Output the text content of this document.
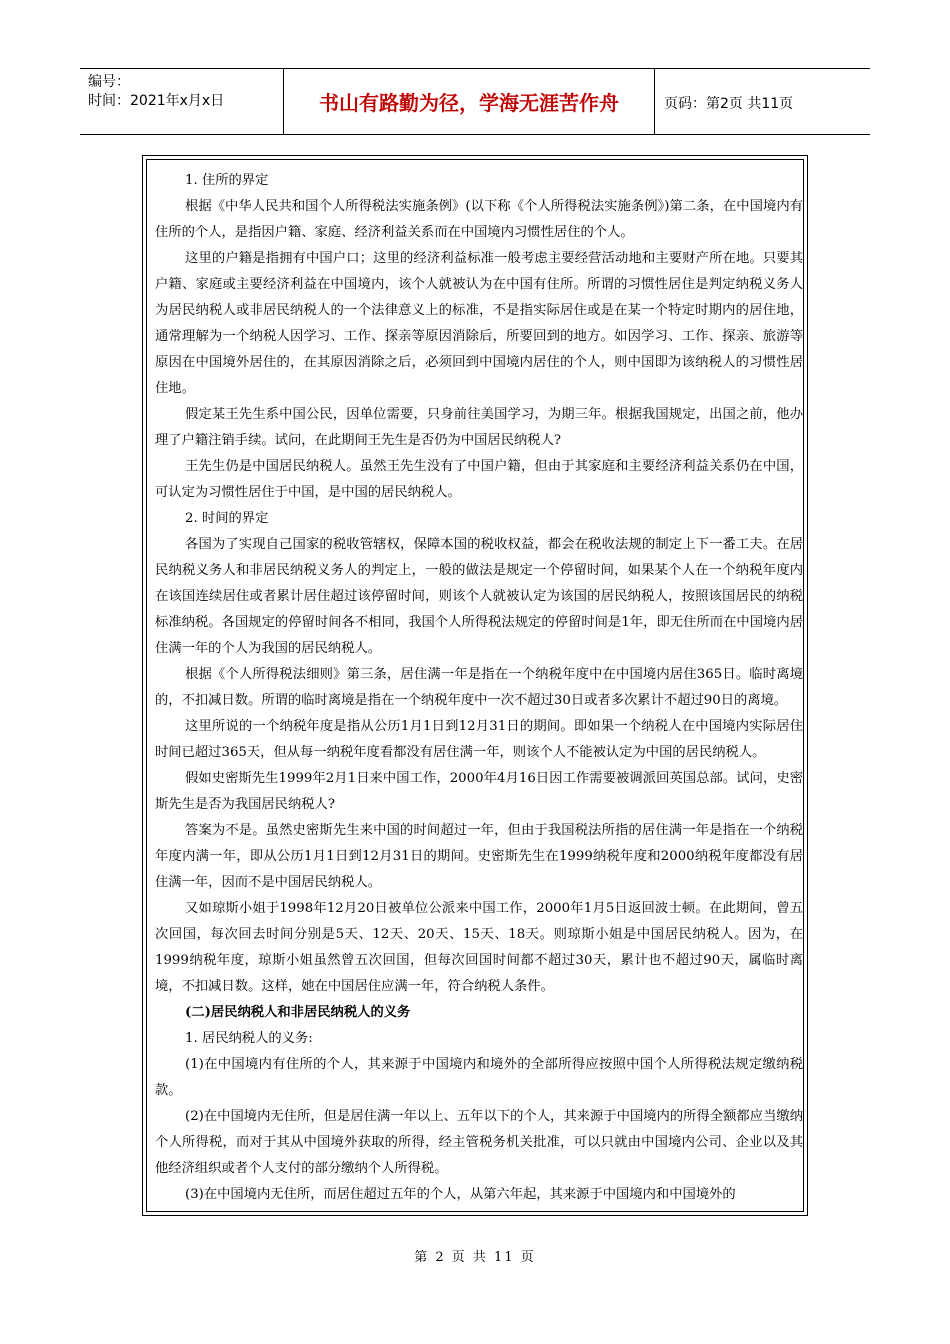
编号：
时间：2021年x月x日	书山有路勤为径，学海无涯苦作舟	页码：第2页 共11页

1. 住所的界定

根据《中华人民共和国个人所得税法实施条例》(以下称《个人所得税法实施条例》)第二条，在中国境内有住所的个人，是指因户籍、家庭、经济利益关系而在中国境内习惯性居住的个人。

这里的户籍是指拥有中国户口；这里的经济利益标准一般考虑主要经营活动地和主要财产所在地。只要其户籍、家庭或主要经济利益在中国境内，该个人就被认为在中国有住所。所谓的习惯性居住是判定纳税义务人为居民纳税人或非居民纳税人的一个法律意义上的标准，不是指实际居住或是在某一个特定时期内的居住地，通常理解为一个纳税人因学习、工作、探亲等原因消除后，所要回到的地方。如因学习、工作、探亲、旅游等原因在中国境外居住的，在其原因消除之后，必须回到中国境内居住的个人，则中国即为该纳税人的习惯性居住地。

假定某王先生系中国公民，因单位需要，只身前往美国学习，为期三年。根据我国规定，出国之前，他办理了户籍注销手续。试问，在此期间王先生是否仍为中国居民纳税人?

王先生仍是中国居民纳税人。虽然王先生没有了中国户籍，但由于其家庭和主要经济利益关系仍在中国，可认定为习惯性居住于中国，是中国的居民纳税人。

2. 时间的界定

各国为了实现自己国家的税收管辖权，保障本国的税收权益，都会在税收法规的制定上下一番工夫。在居民纳税义务人和非居民纳税义务人的判定上，一般的做法是规定一个停留时间，如果某个人在一个纳税年度内在该国连续居住或者累计居住超过该停留时间，则该个人就被认定为该国的居民纳税人，按照该国居民的纳税标准纳税。各国规定的停留时间各不相同，我国个人所得税法规定的停留时间是1年，即无住所而在中国境内居住满一年的个人为我国的居民纳税人。

根据《个人所得税法细则》第三条，居住满一年是指在一个纳税年度中在中国境内居住365日。临时离境的，不扣减日数。所谓的临时离境是指在一个纳税年度中一次不超过30日或者多次累计不超过90日的离境。

这里所说的一个纳税年度是指从公历1月1日到12月31日的期间。即如果一个纳税人在中国境内实际居住时间已超过365天，但从每一纳税年度看都没有居住满一年，则该个人不能被认定为中国的居民纳税人。

假如史密斯先生1999年2月1日来中国工作，2000年4月16日因工作需要被调派回英国总部。试问，史密斯先生是否为我国居民纳税人?

答案为不是。虽然史密斯先生来中国的时间超过一年，但由于我国税法所指的居住满一年是指在一个纳税年度内满一年，即从公历1月1日到12月31日的期间。史密斯先生在1999纳税年度和2000纳税年度都没有居住满一年，因而不是中国居民纳税人。

又如琼斯小姐于1998年12月20日被单位公派来中国工作，2000年1月5日返回波士顿。在此期间，曾五次回国，每次回去时间分别是5天、12天、20天、15天、18天。则琼斯小姐是中国居民纳税人。因为，在1999纳税年度，琼斯小姐虽然曾五次回国，但每次回国时间都不超过30天，累计也不超过90天，属临时离境，不扣减日数。这样，她在中国居住应满一年，符合纳税人条件。

(二)居民纳税人和非居民纳税人的义务

1. 居民纳税人的义务:

(1)在中国境内有住所的个人，其来源于中国境内和境外的全部所得应按照中国个人所得税法规定缴纳税款。

(2)在中国境内无住所，但是居住满一年以上、五年以下的个人，其来源于中国境内的所得全额都应当缴纳个人所得税，而对于其从中国境外获取的所得，经主管税务机关批准，可以只就由中国境内公司、企业以及其他经济组织或者个人支付的部分缴纳个人所得税。

(3)在中国境内无住所，而居住超过五年的个人，从第六年起，其来源于中国境内和中国境外的

第 2 页 共 11 页
